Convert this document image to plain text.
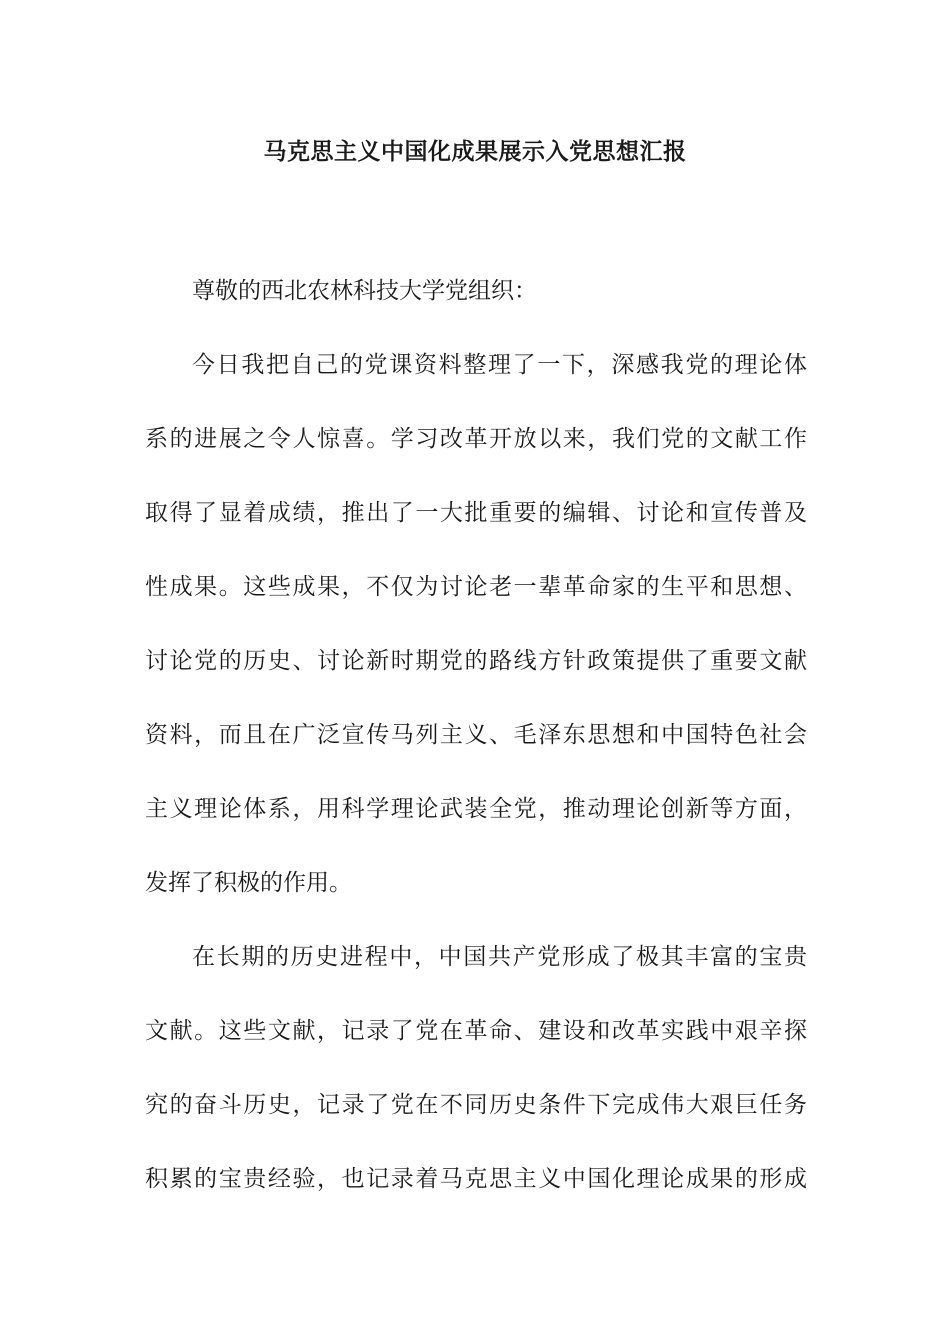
马克思主义中国化成果展示入党思想汇报
尊敬的西北农林科技大学党组织：
今日我把自己的党课资料整理了一下，深感我党的理论体
系的进展之令人惊喜。学习改革开放以来，我们党的文献工作
取得了显着成绩，推出了一大批重要的编辑、讨论和宣传普及
性成果。这些成果，不仅为讨论老一辈革命家的生平和思想、
讨论党的历史、讨论新时期党的路线方针政策提供了重要文献
资料，而且在广泛宣传马列主义、毛泽东思想和中国特色社会
主义理论体系，用科学理论武装全党，推动理论创新等方面，
发挥了积极的作用。
在长期的历史进程中，中国共产党形成了极其丰富的宝贵
文献。这些文献，记录了党在革命、建设和改革实践中艰辛探
究的奋斗历史，记录了党在不同历史条件下完成伟大艰巨任务
积累的宝贵经验，也记录着马克思主义中国化理论成果的形成
